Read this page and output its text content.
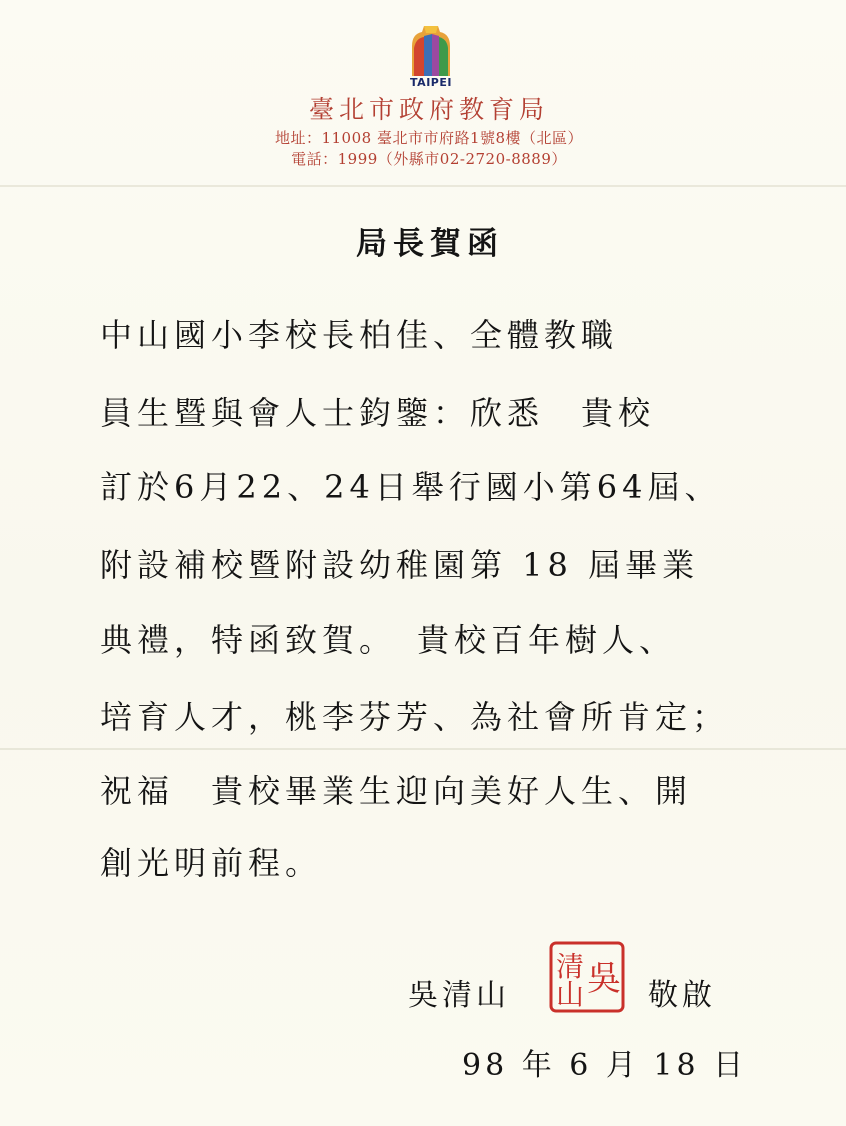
TAIPEI
臺北市政府教育局
地址：11008 臺北市市府路1號8樓（北區）
電話：1999（外縣市02-2720-8889）
局長賀函
中山國小李校長柏佳、全體教職
員生暨與會人士鈞鑒：欣悉　貴校
訂於6月22、24日舉行國小第64屆、
附設補校暨附設幼稚園第 18 屆畢業
典禮，特函致賀。　貴校百年樹人、
培育人才，桃李芬芳、為社會所肯定；
祝福　貴校畢業生迎向美好人生、開
創光明前程。
吳清山
清
山 吳 敬啟
98 年 6 月 18 日
